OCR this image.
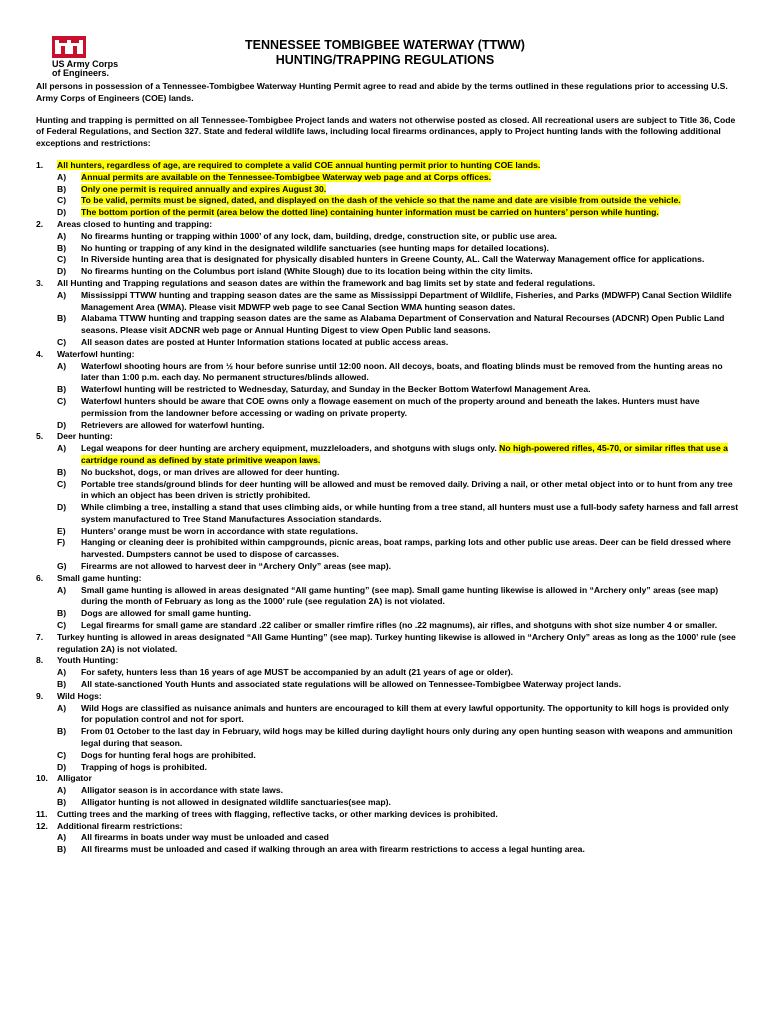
US Army Corps
of Engineers.
TENNESSEE TOMBIGBEE WATERWAY (TTWW)
HUNTING/TRAPPING REGULATIONS

All persons in possession of a Tennessee-Tombigbee Waterway Hunting Permit agree to read and abide by the terms outlined in these regulations prior to accessing U.S. Army Corps of Engineers (COE) lands.

Hunting and trapping is permitted on all Tennessee-Tombigbee Project lands and waters not otherwise posted as closed. All recreational users are subject to Title 36, Code of Federal Regulations, and Section 327. State and federal wildlife laws, including local firearms ordinances, apply to Project hunting lands with the following additional exceptions and restrictions:

1.	All hunters, regardless of age, are required to complete a valid COE annual hunting permit prior to hunting COE lands.
A)	Annual permits are available on the Tennessee-Tombigbee Waterway web page and at Corps offices.
B)	Only one permit is required annually and expires August 30.
C)	To be valid, permits must be signed, dated, and displayed on the dash of the vehicle so that the name and date are visible from outside the vehicle.
D)	The bottom portion of the permit (area below the dotted line) containing hunter information must be carried on hunters’ person while hunting.
2.	Areas closed to hunting and trapping:
A)	No firearms hunting or trapping within 1000’ of any lock, dam, building, dredge, construction site, or public use area.
B)	No hunting or trapping of any kind in the designated wildlife sanctuaries (see hunting maps for detailed locations).
C)	In Riverside hunting area that is designated for physically disabled hunters in Greene County, AL. Call the Waterway Management office for applications.
D)	No firearms hunting on the Columbus port island (White Slough) due to its location being within the city limits.
3.	All Hunting and Trapping regulations and season dates are within the framework and bag limits set by state and federal regulations.
A)	Mississippi TTWW hunting and trapping season dates are the same as Mississippi Department of Wildlife, Fisheries, and Parks (MDWFP) Canal Section Wildlife Management Area (WMA). Please visit MDWFP web page to see Canal Section WMA hunting season dates.
B)	Alabama TTWW hunting and trapping season dates are the same as Alabama Department of Conservation and Natural Recourses (ADCNR) Open Public Land seasons. Please visit ADCNR web page or Annual Hunting Digest to view Open Public land seasons.
C)	All season dates are posted at Hunter Information stations located at public access areas.
4.	Waterfowl hunting:
A)	Waterfowl shooting hours are from ½ hour before sunrise until 12:00 noon. All decoys, boats, and floating blinds must be removed from the hunting areas no later than 1:00 p.m. each day. No permanent structures/blinds allowed.
B)	Waterfowl hunting will be restricted to Wednesday, Saturday, and Sunday in the Becker Bottom Waterfowl Management Area.
C)	Waterfowl hunters should be aware that COE owns only a flowage easement on much of the property around and beneath the lakes. Hunters must have permission from the landowner before accessing or wading on private property.
D)	Retrievers are allowed for waterfowl hunting.
5.	Deer hunting:
A)	Legal weapons for deer hunting are archery equipment, muzzleloaders, and shotguns with slugs only. No high-powered rifles, 45-70, or similar rifles that use a cartridge round as defined by state primitive weapon laws.
B)	No buckshot, dogs, or man drives are allowed for deer hunting.
C)	Portable tree stands/ground blinds for deer hunting will be allowed and must be removed daily. Driving a nail, or other metal object into or to hunt from any tree in which an object has been driven is strictly prohibited.
D)	While climbing a tree, installing a stand that uses climbing aids, or while hunting from a tree stand, all hunters must use a full-body safety harness and fall arrest system manufactured to Tree Stand Manufactures Association standards.
E)	Hunters’ orange must be worn in accordance with state regulations.
F)	Hanging or cleaning deer is prohibited within campgrounds, picnic areas, boat ramps, parking lots and other public use areas. Deer can be field dressed where harvested. Dumpsters cannot be used to dispose of carcasses.
G)	Firearms are not allowed to harvest deer in “Archery Only” areas (see map).
6.	Small game hunting:
A)	Small game hunting is allowed in areas designated “All game hunting” (see map). Small game hunting likewise is allowed in “Archery only” areas (see map) during the month of February as long as the 1000’ rule (see regulation 2A) is not violated.
B)	Dogs are allowed for small game hunting.
C)	Legal firearms for small game are standard .22 caliber or smaller rimfire rifles (no .22 magnums), air rifles, and shotguns with shot size number 4 or smaller.
7.	Turkey hunting is allowed in areas designated “All Game Hunting” (see map). Turkey hunting likewise is allowed in “Archery Only” areas as long as the 1000’ rule (see regulation 2A) is not violated.
8.	Youth Hunting:
A)	For safety, hunters less than 16 years of age MUST be accompanied by an adult (21 years of age or older).
B)	All state-sanctioned Youth Hunts and associated state regulations will be allowed on Tennessee-Tombigbee Waterway project lands.
9.	Wild Hogs:
A)	Wild Hogs are classified as nuisance animals and hunters are encouraged to kill them at every lawful opportunity. The opportunity to kill hogs is provided only for population control and not for sport.
B)	From 01 October to the last day in February, wild hogs may be killed during daylight hours only during any open hunting season with weapons and ammunition legal during that season.
C)	Dogs for hunting feral hogs are prohibited.
D)	Trapping of hogs is prohibited.
10.	Alligator
A)	Alligator season is in accordance with state laws.
B)	Alligator hunting is not allowed in designated wildlife sanctuaries(see map).
11.	Cutting trees and the marking of trees with flagging, reflective tacks, or other marking devices is prohibited.
12.	Additional firearm restrictions:
A)	All firearms in boats under way must be unloaded and cased
B)	All firearms must be unloaded and cased if walking through an area with firearm restrictions to access a legal hunting area.
